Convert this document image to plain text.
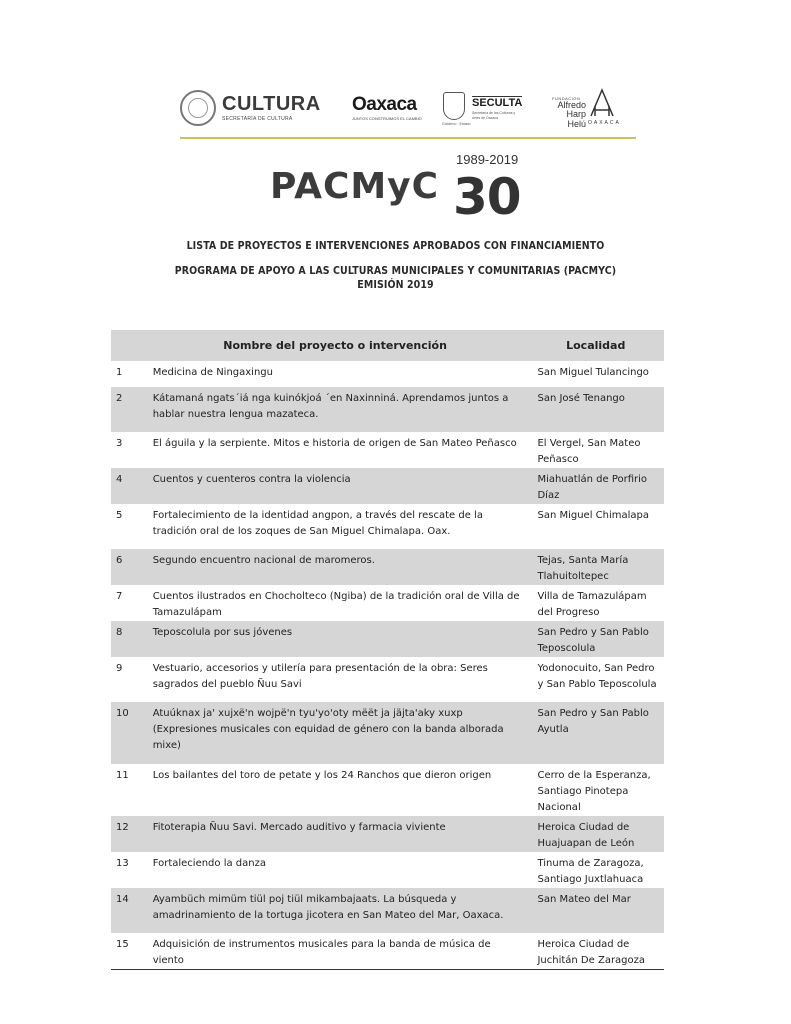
CULTURA
SECRETARÍA DE CULTURA
Oaxaca
JUNTOS CONSTRUIMOS EL CAMBIO
Gobierno · Estado
SECULTA
Secretaría de las Culturas y Artes de Oaxaca
FUNDACIÓN
Alfredo
Harp Helú OAXACA
PACMyC
1989-2019
30
LISTA DE PROYECTOS E INTERVENCIONES APROBADOS CON FINANCIAMIENTO
PROGRAMA DE APOYO A LAS CULTURAS MUNICIPALES Y COMUNITARIAS (PACMYC)
EMISIÓN 2019
	Nombre del proyecto o intervención	Localidad
1	Medicina de Ningaxingu	San Miguel Tulancingo
2	Kátamaná ngats´iá nga kuinókjoá ´en Naxinniná. Aprendamos juntos a hablar nuestra lengua mazateca.	San José Tenango
3	El águila y la serpiente. Mitos e historia de origen de San Mateo Peñasco	El Vergel, San Mateo Peñasco
4	Cuentos y cuenteros contra la violencia	Miahuatlán de Porfirio Díaz
5	Fortalecimiento de la identidad angpon, a través del rescate de la tradición oral de los zoques de San Miguel Chimalapa. Oax.	San Miguel Chimalapa
6	Segundo encuentro nacional de maromeros.	Tejas, Santa María Tlahuitoltepec
7	Cuentos ilustrados en Chocholteco (Ngiba) de la tradición oral de Villa de Tamazulápam	Villa de Tamazulápam del Progreso
8	Teposcolula por sus jóvenes	San Pedro y San Pablo Teposcolula
9	Vestuario, accesorios y utilería para presentación de la obra: Seres sagrados del pueblo Ñuu Savi	Yodonocuito, San Pedro y San Pablo Teposcolula
10	Atuúknax ja' xujxë'n wojpë'n tyu'yo'oty mëët ja jäjta'aky xuxp (Expresiones musicales con equidad de género con la banda alborada mixe)	San Pedro y San Pablo Ayutla
11	Los bailantes del toro de petate y los 24 Ranchos que dieron origen	Cerro de la Esperanza, Santiago Pinotepa Nacional
12	Fitoterapia Ñuu Savi. Mercado auditivo y farmacia viviente	Heroica Ciudad de Huajuapan de León
13	Fortaleciendo la danza	Tinuma de Zaragoza, Santiago Juxtlahuaca
14	Ayambüch mimüm tiül poj tiül mikambajaats. La búsqueda y amadrinamiento de la tortuga jicotera en San Mateo del Mar, Oaxaca.	San Mateo del Mar
15	Adquisición de instrumentos musicales para la banda de música de viento	Heroica Ciudad de Juchitán De Zaragoza
